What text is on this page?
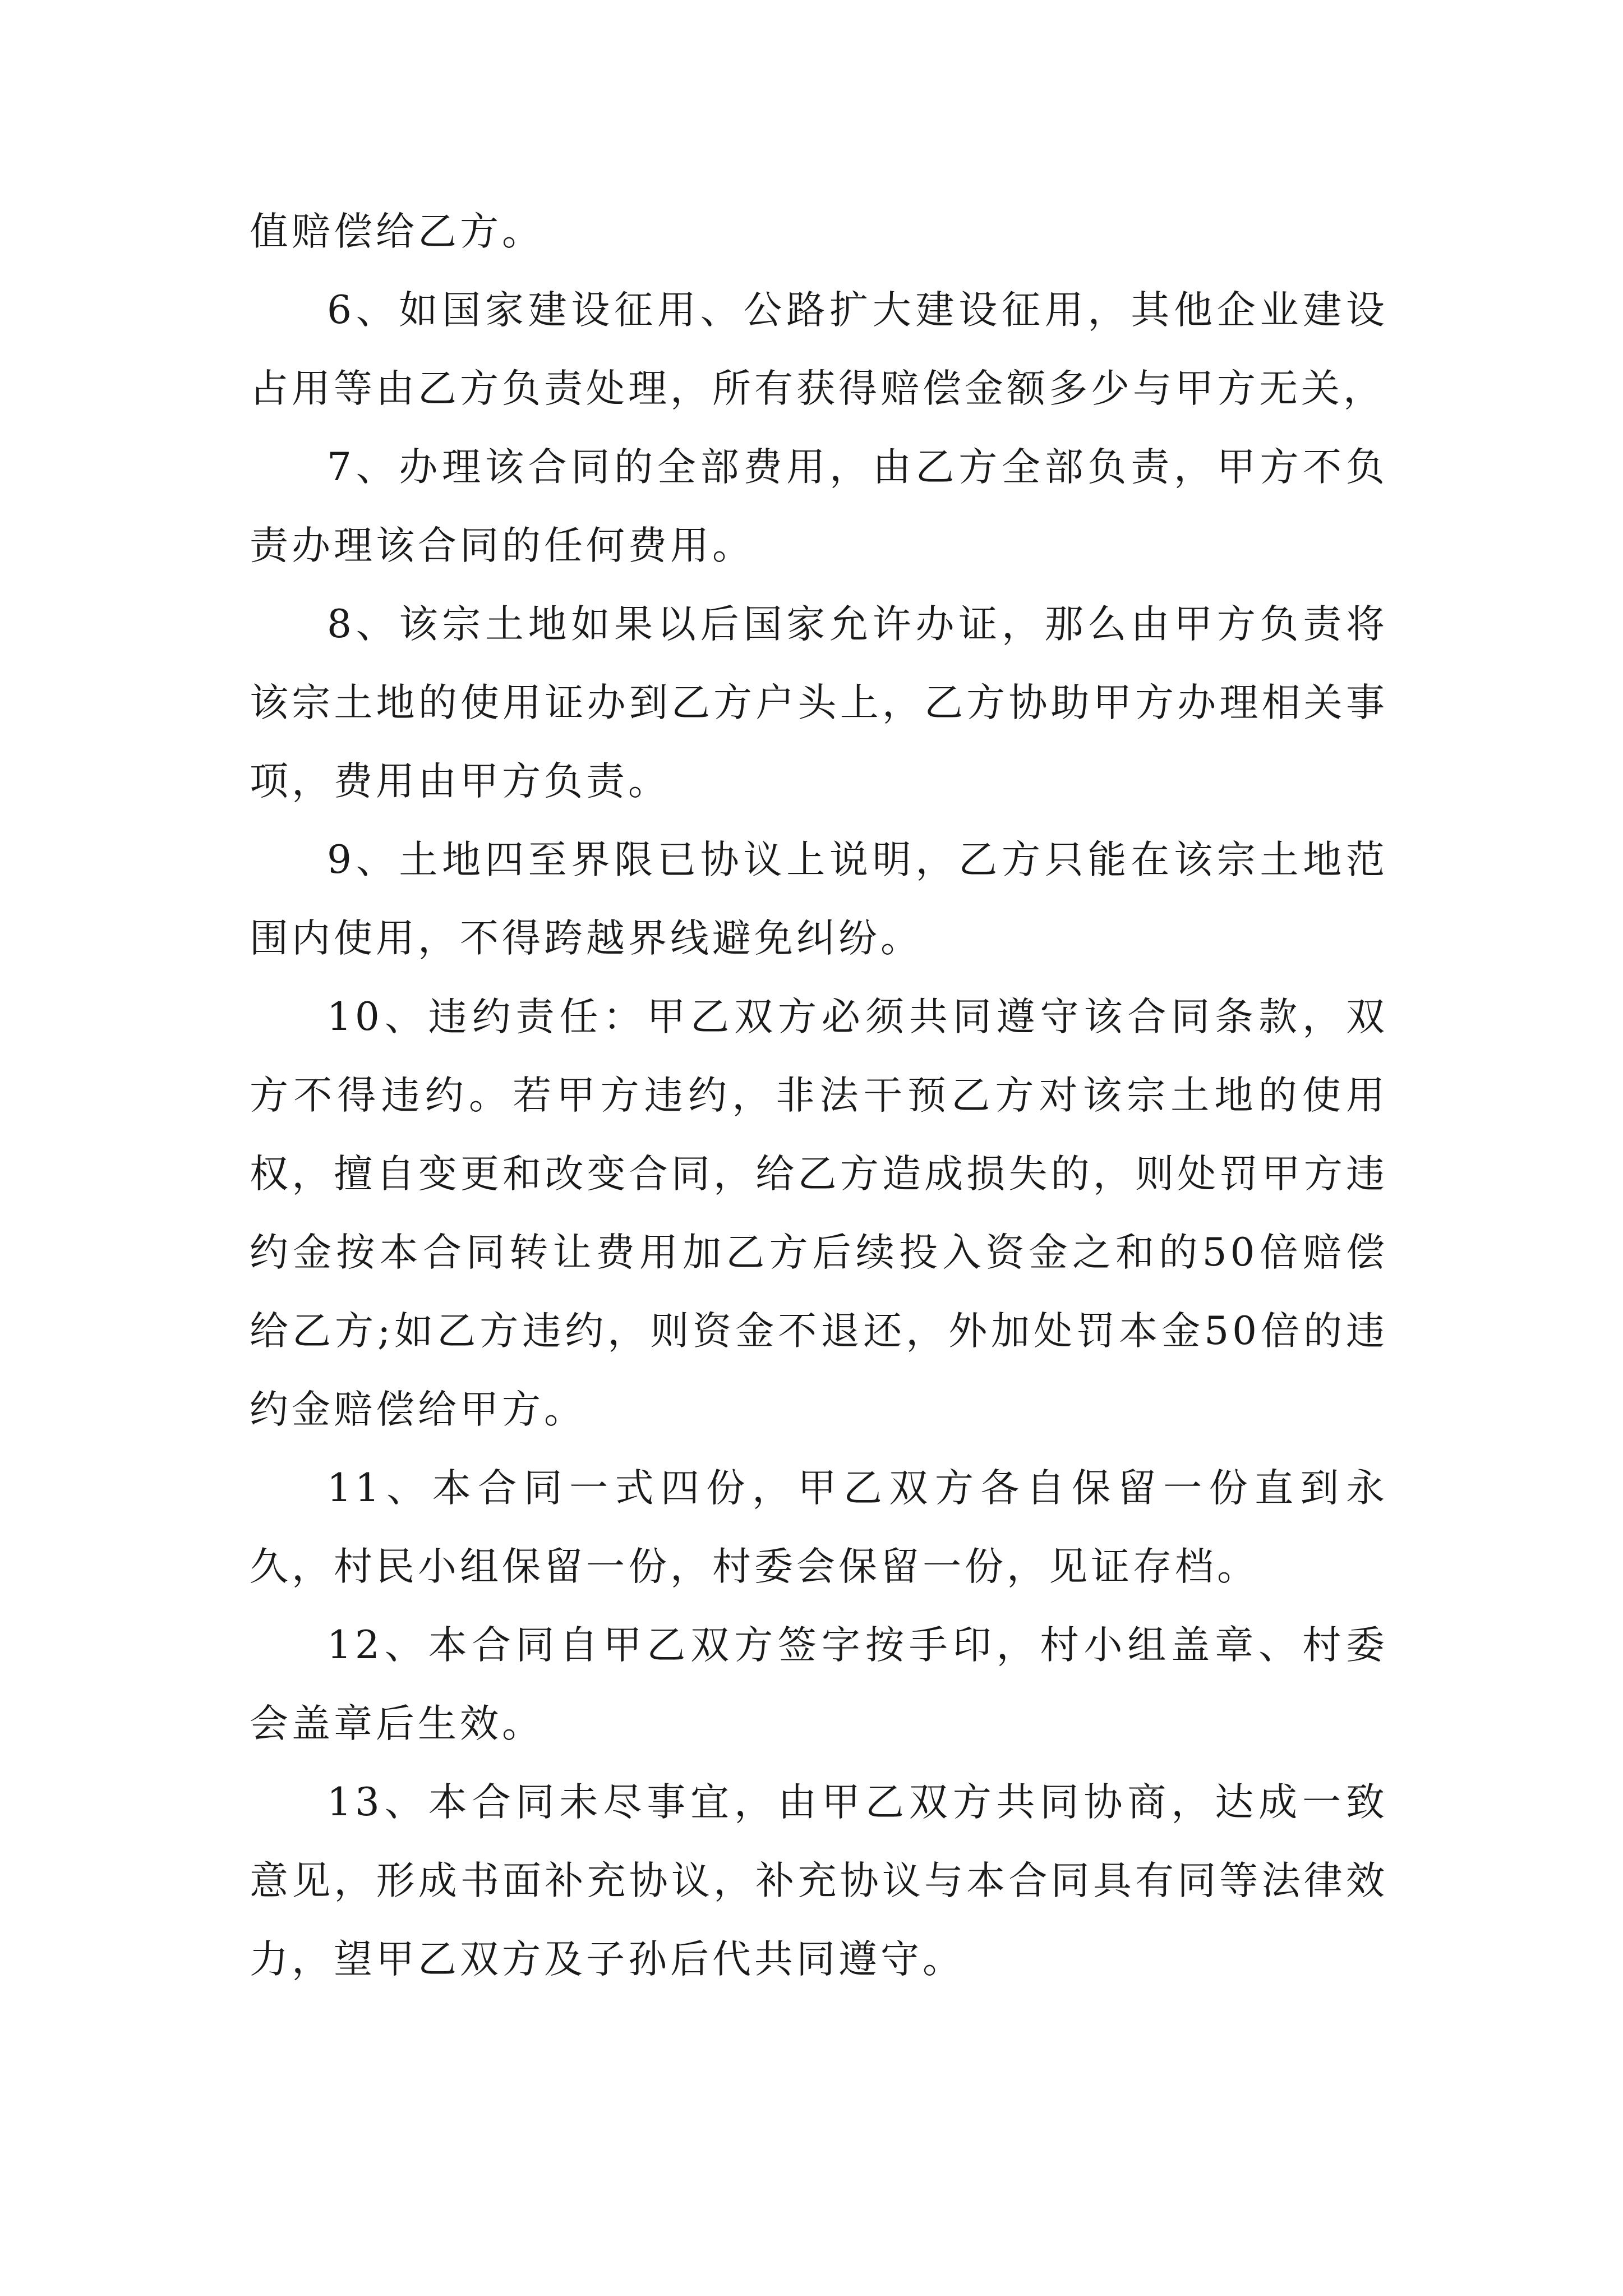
值赔偿给乙方。

6、如国家建设征用、公路扩大建设征用，其他企业建设占用等由乙方负责处理，所有获得赔偿金额多少与甲方无关，

7、办理该合同的全部费用，由乙方全部负责，甲方不负责办理该合同的任何费用。

8、该宗土地如果以后国家允许办证，那么由甲方负责将该宗土地的使用证办到乙方户头上，乙方协助甲方办理相关事项，费用由甲方负责。

9、土地四至界限已协议上说明，乙方只能在该宗土地范围内使用，不得跨越界线避免纠纷。

10、违约责任：甲乙双方必须共同遵守该合同条款，双方不得违约。若甲方违约，非法干预乙方对该宗土地的使用权，擅自变更和改变合同，给乙方造成损失的，则处罚甲方违约金按本合同转让费用加乙方后续投入资金之和的50倍赔偿给乙方;如乙方违约，则资金不退还，外加处罚本金50倍的违约金赔偿给甲方。

11、本合同一式四份，甲乙双方各自保留一份直到永久，村民小组保留一份，村委会保留一份，见证存档。

12、本合同自甲乙双方签字按手印，村小组盖章、村委会盖章后生效。

13、本合同未尽事宜，由甲乙双方共同协商，达成一致意见，形成书面补充协议，补充协议与本合同具有同等法律效力，望甲乙双方及子孙后代共同遵守。
